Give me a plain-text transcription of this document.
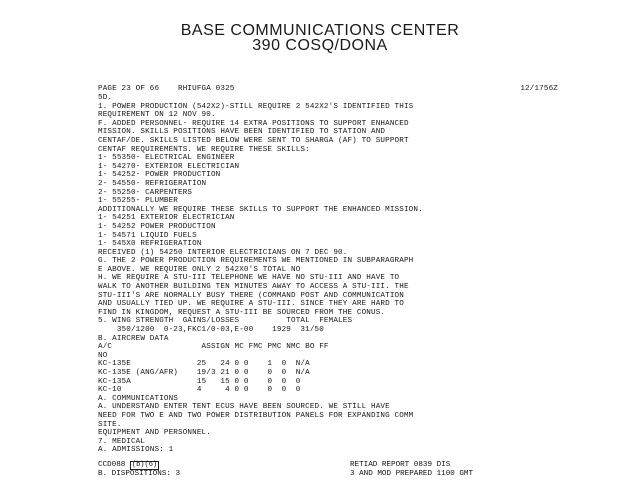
BASE COMMUNICATIONS CENTER
390 COSQ/DONA

PAGE 23 OF 66    RHIUFGA 0325

	12/1756Z

5D.
1. POWER PRODUCTION (542X2)-STILL REQUIRE 2 542X2'S IDENTIFIED THIS
REQUIREMENT ON 12 NOV 90.
F. ADDED PERSONNEL- REQUIRE 14 EXTRA POSITIONS TO SUPPORT ENHANCED
MISSION. SKILLS POSITIONS HAVE BEEN IDENTIFIED TO STATION AND
CENTAF/DE. SKILLS LISTED BELOW WERE SENT TO SHARGA (AF) TO SUPPORT
CENTAF REQUIREMENTS. WE REQUIRE THESE SKILLS:
1- 55350- ELECTRICAL ENGINEER
1- 54270- EXTERIOR ELECTRICIAN
1- 54252- POWER PRODUCTION
2- 54550- REFRIGERATION
2- 55250- CARPENTERS
1- 55255- PLUMBER
ADDITIONALLY WE REQUIRE THESE SKILLS TO SUPPORT THE ENHANCED MISSION.
1- 54251 EXTERIOR ELECTRICIAN
1- 54252 POWER PRODUCTION
1- 54571 LIQUID FUELS
1- 545X0 REFRIGERATION
RECEIVED (1) 54250 INTERIOR ELECTRICIANS ON 7 DEC 90.
G. THE 2 POWER PRODUCTION REQUIREMENTS WE MENTIONED IN SUBPARAGRAPH
E ABOVE. WE REQUIRE ONLY 2 542X0'S TOTAL NO
H. WE REQUIRE A STU-III TELEPHONE WE HAVE NO STU-III AND HAVE TO
WALK TO ANOTHER BUILDING TEN MINUTES AWAY TO ACCESS A STU-III. THE
STU-III'S ARE NORMALLY BUSY THERE (COMMAND POST AND COMMUNICATION
AND USUALLY TIED UP. WE REQUIRE A STU-III. SINCE THEY ARE HARD TO
FIND IN KINGDOM, REQUEST A STU-III BE SOURCED FROM THE CONUS.
5. WING STRENGTH  GAINS/LOSSES          TOTAL  FEMALES
350/1200  0-23,FKC1/0-03,E-00    1929  31/50
B. AIRCREW DATA
A/C                   ASSIGN MC FMC PMC NMC BO FF
NO
KC-135E              25   24 0 0    1  0  N/A
KC-135E (ANG/AFR)    19/3 21 0 0    0  0  N/A
KC-135A              15   15 0 0    0  0  0
KC-10                4     4 0 0    0  0  0
A. COMMUNICATIONS
A. UNDERSTAND ENTER TENT ECUS HAVE BEEN SOURCED. WE STILL HAVE
NEED FOR TWO E AND TWO POWER DISTRIBUTION PANELS FOR EXPANDING COMM
SITE.
EQUIPMENT AND PERSONNEL.
7. MEDICAL
A. ADMISSIONS: 1
CCD088 (b)(6)
B. DISPOSITIONS: 3
RETIAD REPORT 0839 DIS
3 AND MOD PREPARED 1100 GMT
